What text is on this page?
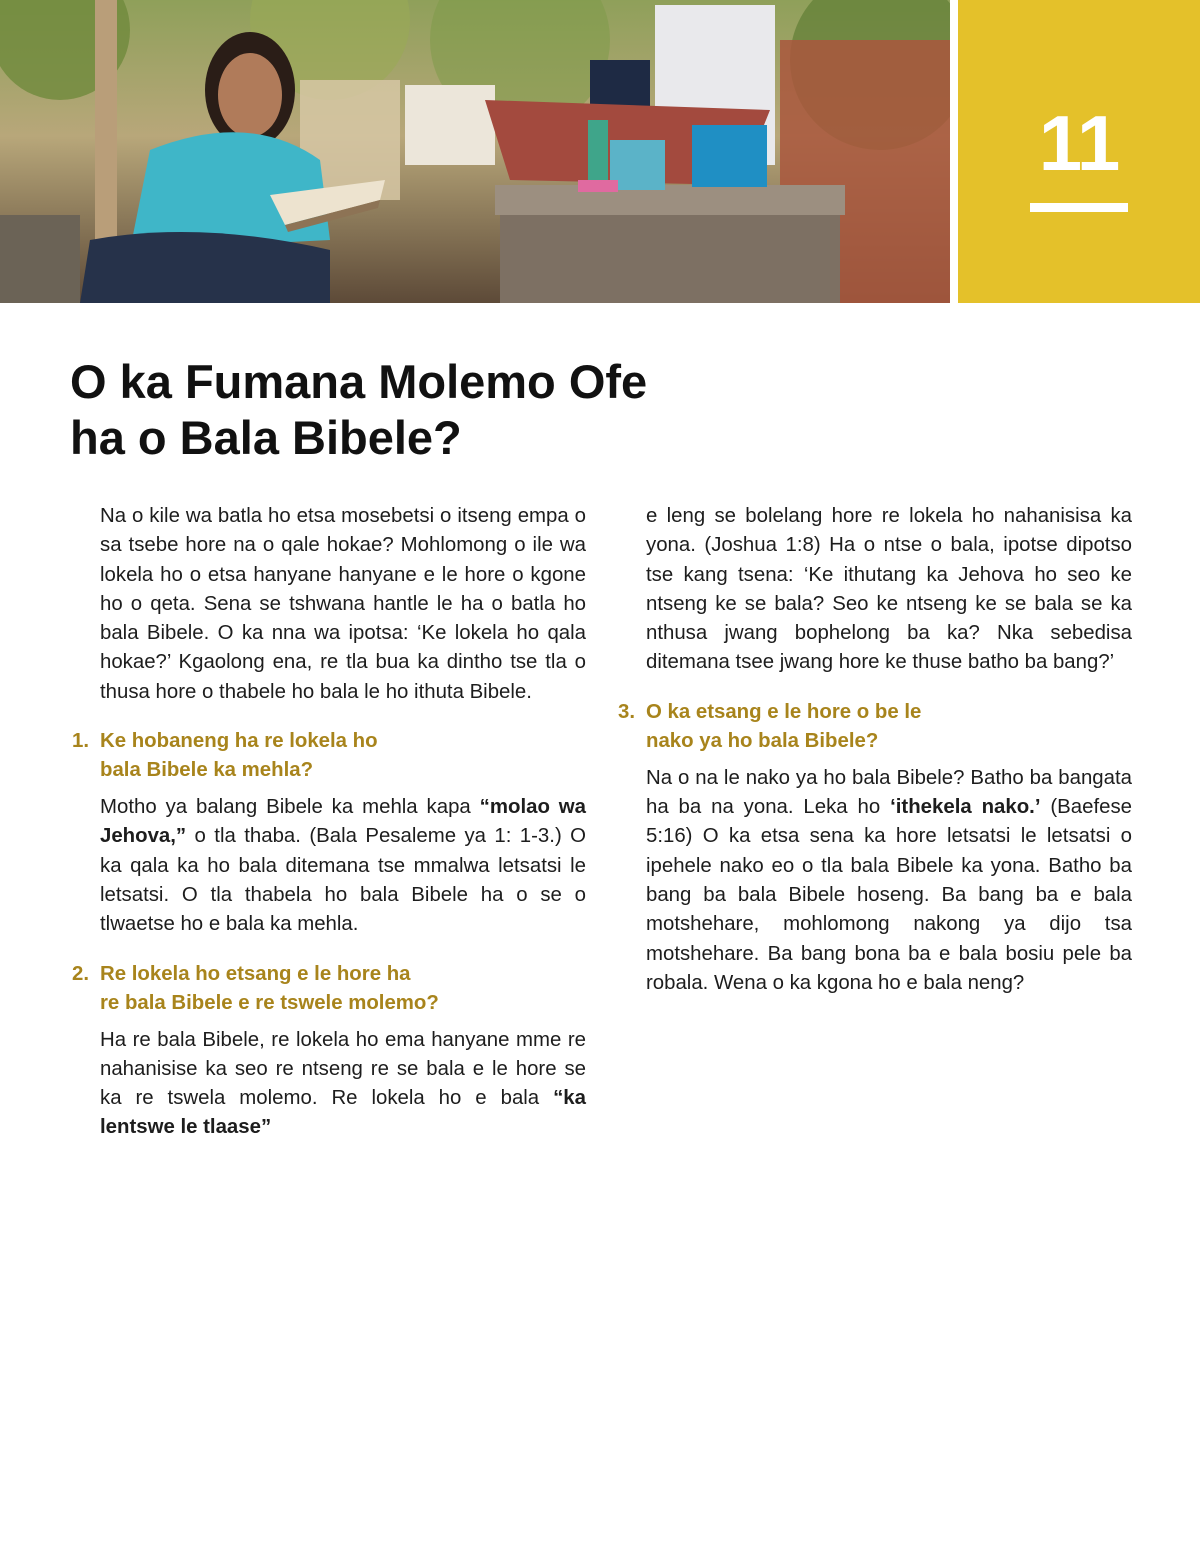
11
O ka Fumana Molemo Ofe
ha o Bala Bibele?

Na o kile wa batla ho etsa mosebetsi o itseng empa o sa tsebe hore na o qale hokae? Mohlomong o ile wa lokela ho o etsa hanyane hanyane e le hore o kgone ho o qeta. Sena se tshwana hantle le ha o batla ho bala Bibele. O ka nna wa ipotsa: ‘Ke lokela ho qala hokae?’ Kgaolong ena, re tla bua ka dintho tse tla o thusa hore o thabele ho bala le ho ithuta Bibele.

1. Ke hobaneng ha re lokela ho
bala Bibele ka mehla?

Motho ya balang Bibele ka mehla kapa “molao wa Jehova,” o tla thaba. (Bala Pesaleme ya 1: 1-3.) O ka qala ka ho bala ditemana tse mmalwa letsatsi le letsatsi. O tla thabela ho bala Bibele ha o se o tlwaetse ho e bala ka mehla.

2. Re lokela ho etsang e le hore ha
re bala Bibele e re tswele molemo?

Ha re bala Bibele, re lokela ho ema hanyane mme re nahanisise ka seo re ntseng re se bala e le hore se ka re tswela molemo. Re lokela ho e bala “ka lentswe le tlaase”

e leng se bolelang hore re lokela ho nahanisisa ka yona. (Joshua 1:8) Ha o ntse o bala, ipotse dipotso tse kang tsena: ‘Ke ithutang ka Jehova ho seo ke ntseng ke se bala? Seo ke ntseng ke se bala se ka nthusa jwang bophelong ba ka? Nka sebedisa ditemana tsee jwang hore ke thuse batho ba bang?’

3. O ka etsang e le hore o be le
nako ya ho bala Bibele?

Na o na le nako ya ho bala Bibele? Batho ba bangata ha ba na yona. Leka ho ‘ithekela nako.’ (Baefese 5:16) O ka etsa sena ka hore letsatsi le letsatsi o ipehele nako eo o tla bala Bibele ka yona. Batho ba bang ba bala Bibele hoseng. Ba bang ba e bala motshehare, mohlomong nakong ya dijo tsa motshehare. Ba bang bona ba e bala bosiu pele ba robala. Wena o ka kgona ho e bala neng?
